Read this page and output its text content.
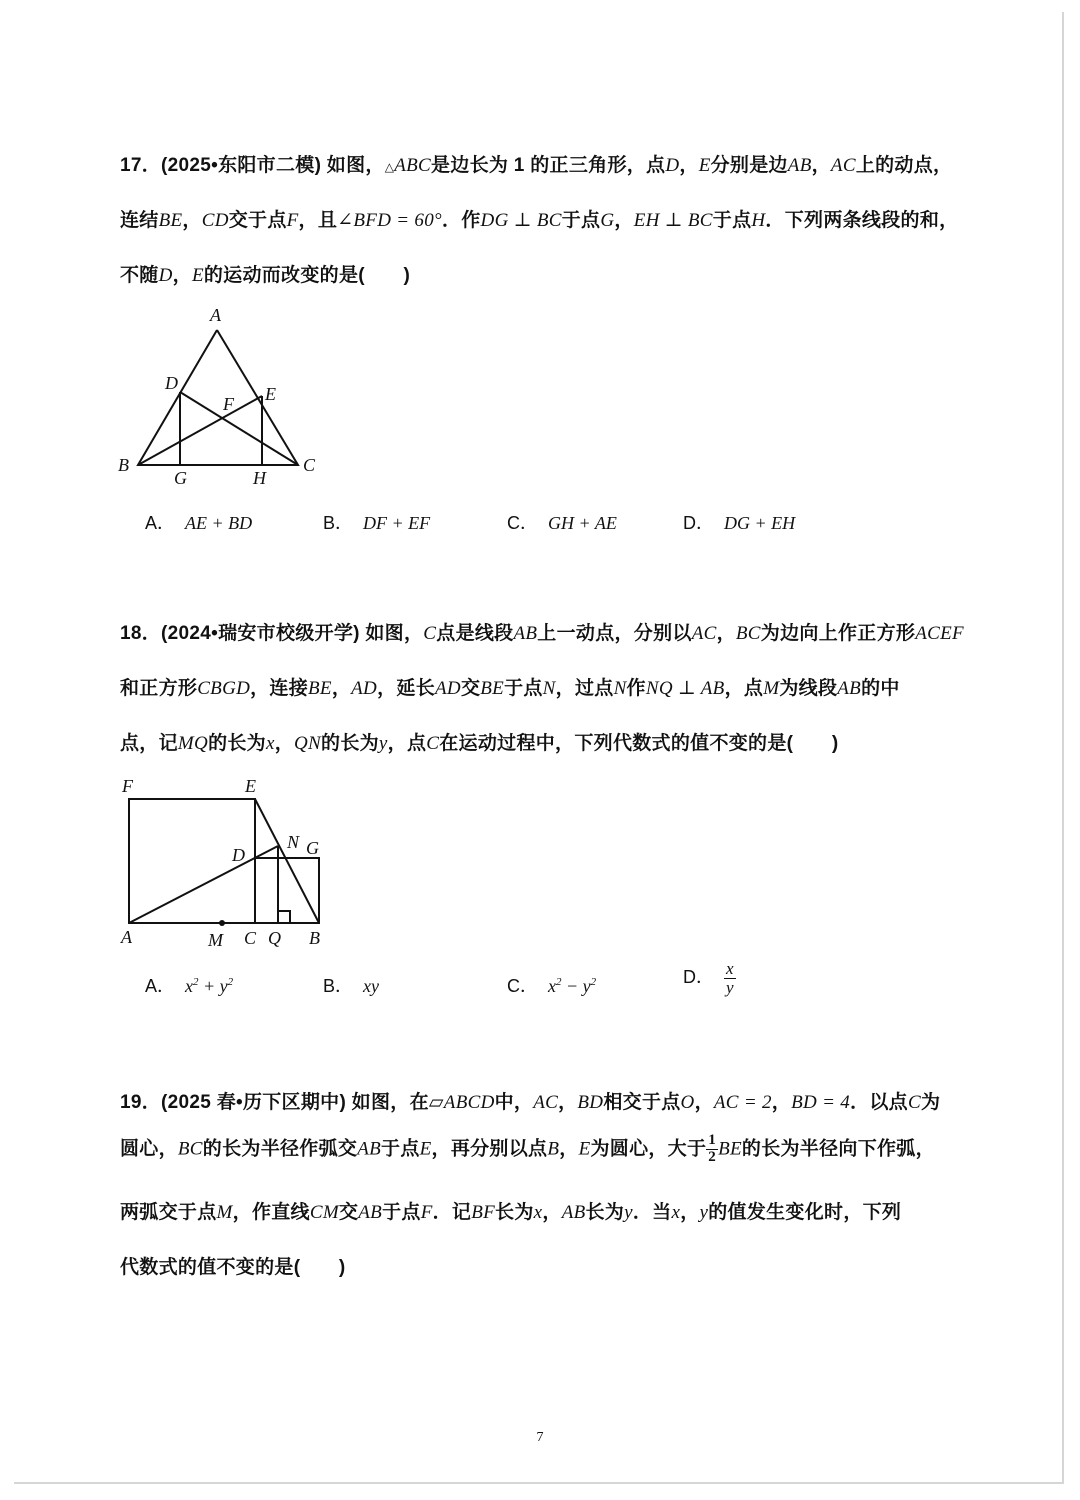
17．(2025•东阳市二模) 如图，△ABC是边长为 1 的正三角形，点D，E分别是边AB，AC上的动点，
连结BE，CD交于点F，且∠BFD = 60°．作DG ⊥ BC于点G，EH ⊥ BC于点H．下列两条线段的和，
不随D，E的运动而改变的是(　　)
A
D
E
F
B	C
G	H
A． AE + BD	B． DF + EF	C． GH + AE	D． DG + EH
18．(2024•瑞安市校级开学) 如图，C点是线段AB上一动点，分别以AC，BC为边向上作正方形ACEF
和正方形CBGD，连接BE，AD，延长AD交BE于点N，过点N作NQ ⊥ AB，点M为线段AB的中
点，记MQ的长为x，QN的长为y，点C在运动过程中，下列代数式的值不变的是(　　)
F	E
D
N G
A	M C Q B
A． $x^2 + y^2$	B． xy	C． $x^2 - y^2$	D． $\frac{x}{y}$
19．(2025 春•历下区期中) 如图，在▱ABCD中，AC，BD相交于点O，AC = 2，BD = 4．以点C为
圆心，BC的长为半径作弧交AB于点E，再分别以点B，E为圆心，大于 $\frac{1}{2}$ BE的长为半径向下作弧，
两弧交于点M，作直线CM交AB于点F．记BF长为x，AB长为y．当x，y的值发生变化时，下列
代数式的值不变的是(　　)
7
